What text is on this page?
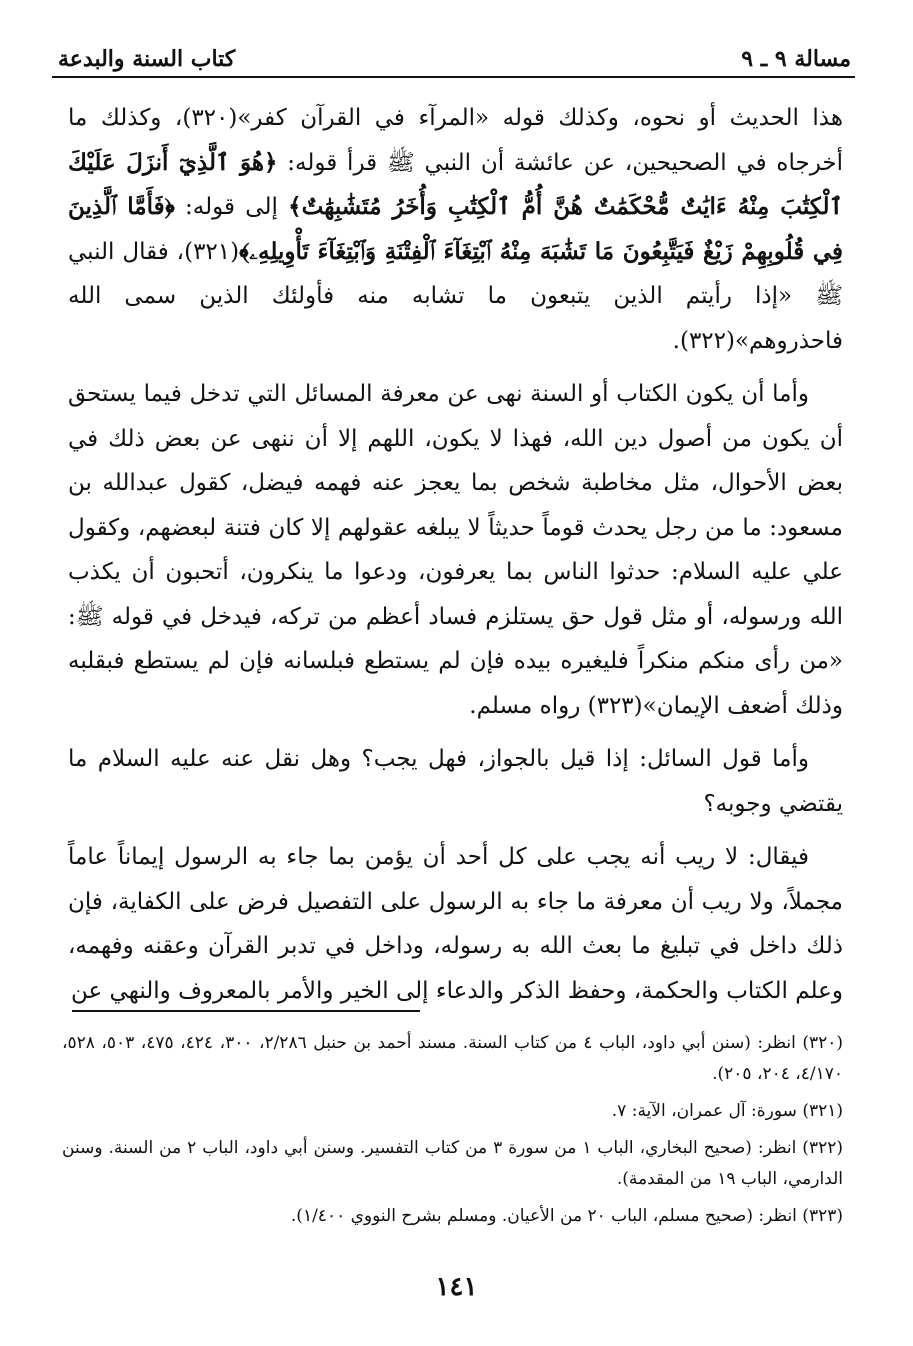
مسالة ٩ ـ ٩
كتاب السنة والبدعة

هذا الحديث أو نحوه، وكذلك قوله «المرآء في القرآن كفر»(٣٢٠)، وكذلك ما أخرجاه في الصحيحين، عن عائشة أن النبي ﷺ قرأ قوله: ﴿هُوَ ٱلَّذِيٓ أَنزَلَ عَلَيْكَ ٱلْكِتَٰبَ مِنْهُ ءَايَٰتٌ مُّحْكَمَٰتٌ هُنَّ أُمُّ ٱلْكِتَٰبِ وَأُخَرُ مُتَشَٰبِهَٰتٌ﴾ إلى قوله: ﴿فَأَمَّا ٱلَّذِينَ فِي قُلُوبِهِمْ زَيْغٌ فَيَتَّبِعُونَ مَا تَشَٰبَهَ مِنْهُ ٱبْتِغَآءَ ٱلْفِتْنَةِ وَٱبْتِغَآءَ تَأْوِيلِهِۦ﴾(٣٢١)، فقال النبي ﷺ «إذا رأيتم الذين يتبعون ما تشابه منه فأولئك الذين سمى الله فاحذروهم»(٣٢٢).

وأما أن يكون الكتاب أو السنة نهى عن معرفة المسائل التي تدخل فيما يستحق أن يكون من أصول دين الله، فهذا لا يكون، اللهم إلا أن ننهى عن بعض ذلك في بعض الأحوال، مثل مخاطبة شخص بما يعجز عنه فهمه فيضل، كقول عبدالله بن مسعود: ما من رجل يحدث قوماً حديثاً لا يبلغه عقولهم إلا كان فتنة لبعضهم، وكقول علي عليه السلام: حدثوا الناس بما يعرفون، ودعوا ما ينكرون، أتحبون أن يكذب الله ورسوله، أو مثل قول حق يستلزم فساد أعظم من تركه، فيدخل في قوله ﷺ: «من رأى منكم منكراً فليغيره بيده فإن لم يستطع فبلسانه فإن لم يستطع فبقلبه وذلك أضعف الإيمان»(٣٢٣) رواه مسلم.

وأما قول السائل: إذا قيل بالجواز، فهل يجب؟ وهل نقل عنه عليه السلام ما يقتضي وجوبه؟

فيقال: لا ريب أنه يجب على كل أحد أن يؤمن بما جاء به الرسول إيماناً عاماً مجملاً، ولا ريب أن معرفة ما جاء به الرسول على التفصيل فرض على الكفاية، فإن ذلك داخل في تبليغ ما بعث الله به رسوله، وداخل في تدبر القرآن وعقنه وفهمه، وعلم الكتاب والحكمة، وحفظ الذكر والدعاء إلى الخير والأمر بالمعروف والنهي عن

(٣٢٠) انظر: (سنن أبي داود، الباب ٤ من كتاب السنة. مسند أحمد بن حنبل ٢/٢٨٦، ٣٠٠، ٤٢٤، ٤٧٥، ٥٠٣، ٥٢٨، ٤/١٧٠، ٢٠٤، ٢٠٥).

(٣٢١) سورة: آل عمران، الآية: ٧.

(٣٢٢) انظر: (صحيح البخاري، الباب ١ من سورة ٣ من كتاب التفسير. وسنن أبي داود، الباب ٢ من السنة. وسنن الدارمي، الباب ١٩ من المقدمة).

(٣٢٣) انظر: (صحيح مسلم، الباب ٢٠ من الأعيان. ومسلم بشرح النووي ١/٤٠٠).

١٤١
